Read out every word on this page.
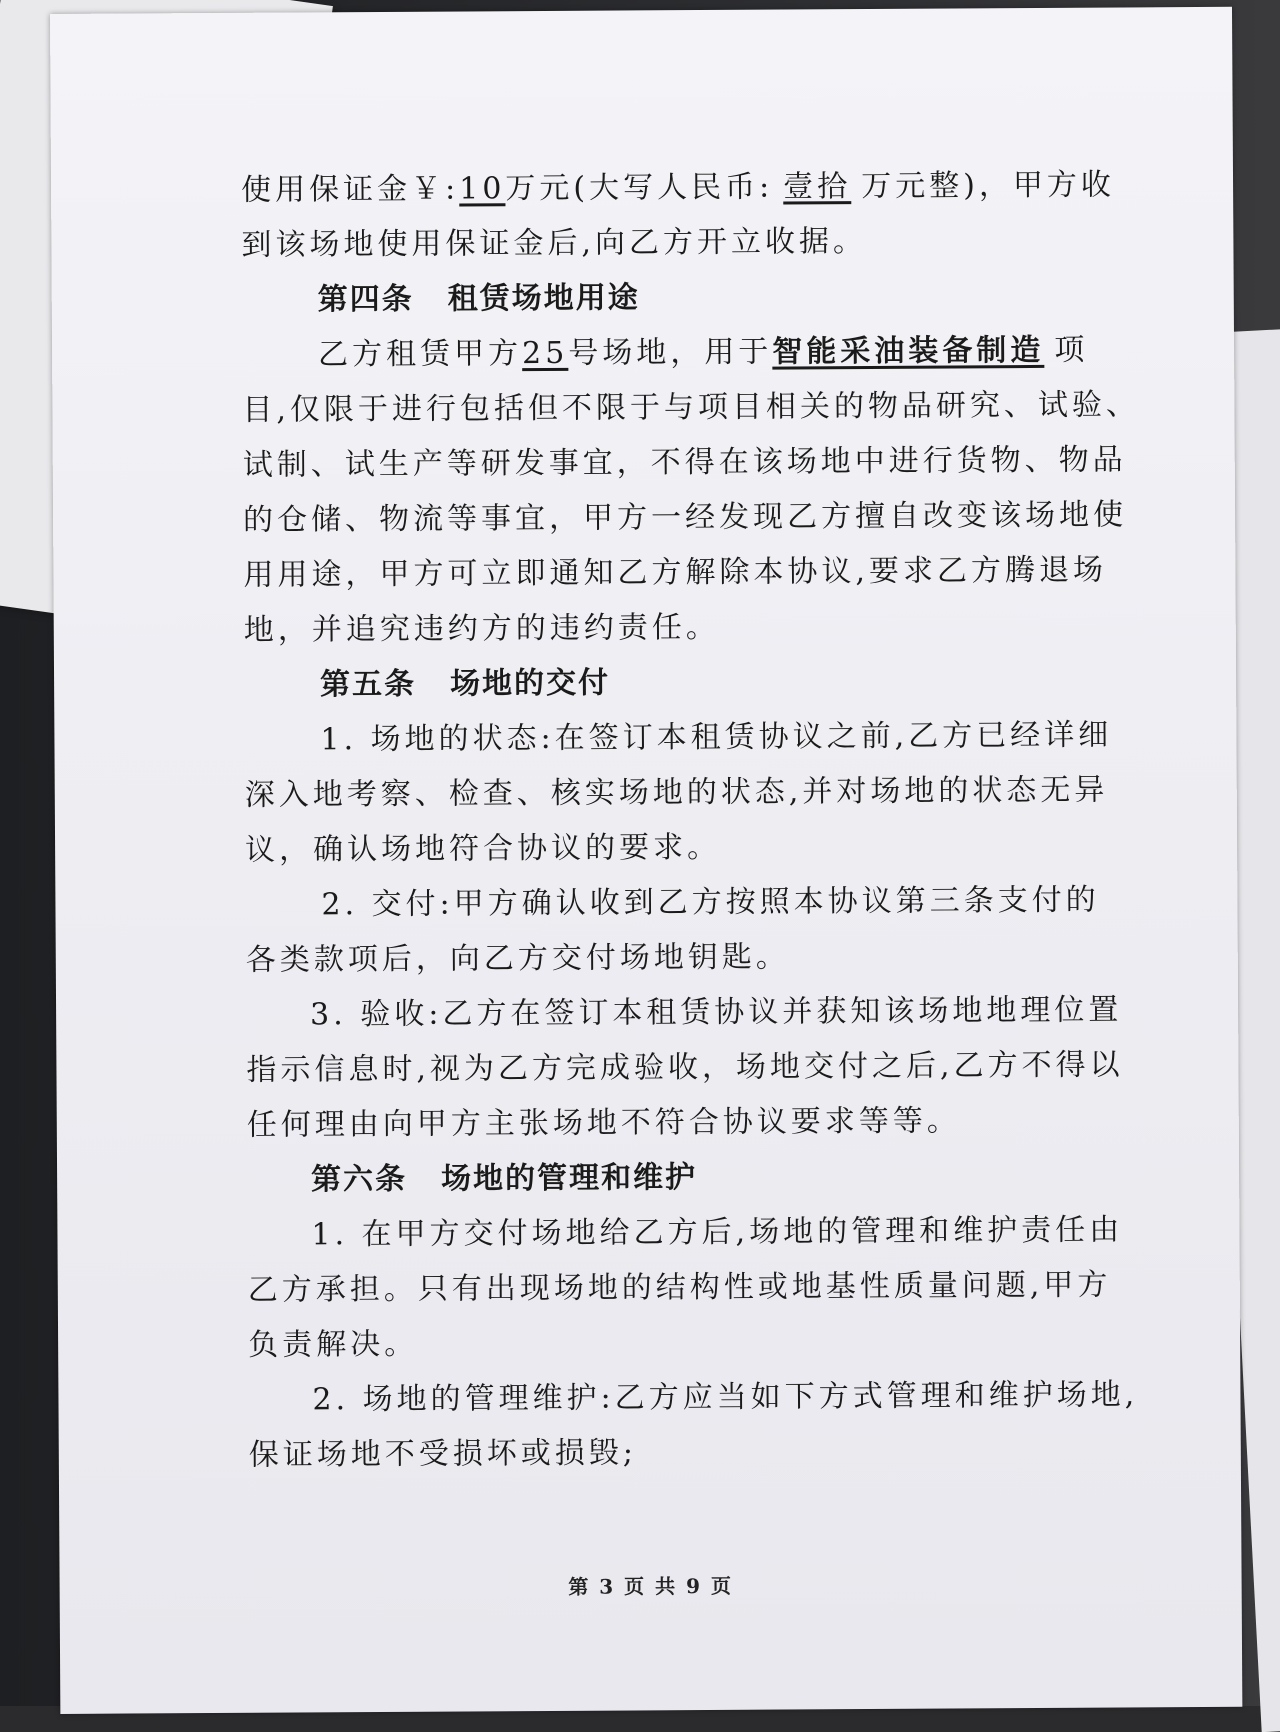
使用保证金￥:10万元(大写人民币: 壹拾 万元整)，甲方收
到该场地使用保证金后,向乙方开立收据。
第四条 租赁场地用途
乙方租赁甲方25号场地，用于智能采油装备制造 项
目,仅限于进行包括但不限于与项目相关的物品研究、试验、
试制、试生产等研发事宜，不得在该场地中进行货物、物品
的仓储、物流等事宜，甲方一经发现乙方擅自改变该场地使
用用途，甲方可立即通知乙方解除本协议,要求乙方腾退场
地，并追究违约方的违约责任。
第五条 场地的交付
1. 场地的状态:在签订本租赁协议之前,乙方已经详细
深入地考察、检查、核实场地的状态,并对场地的状态无异
议，确认场地符合协议的要求。
2. 交付:甲方确认收到乙方按照本协议第三条支付的
各类款项后，向乙方交付场地钥匙。
3. 验收:乙方在签订本租赁协议并获知该场地地理位置
指示信息时,视为乙方完成验收，场地交付之后,乙方不得以
任何理由向甲方主张场地不符合协议要求等等。
第六条 场地的管理和维护
1. 在甲方交付场地给乙方后,场地的管理和维护责任由
乙方承担。只有出现场地的结构性或地基性质量问题,甲方
负责解决。
2. 场地的管理维护:乙方应当如下方式管理和维护场地,
保证场地不受损坏或损毁;
第 3 页 共 9 页
